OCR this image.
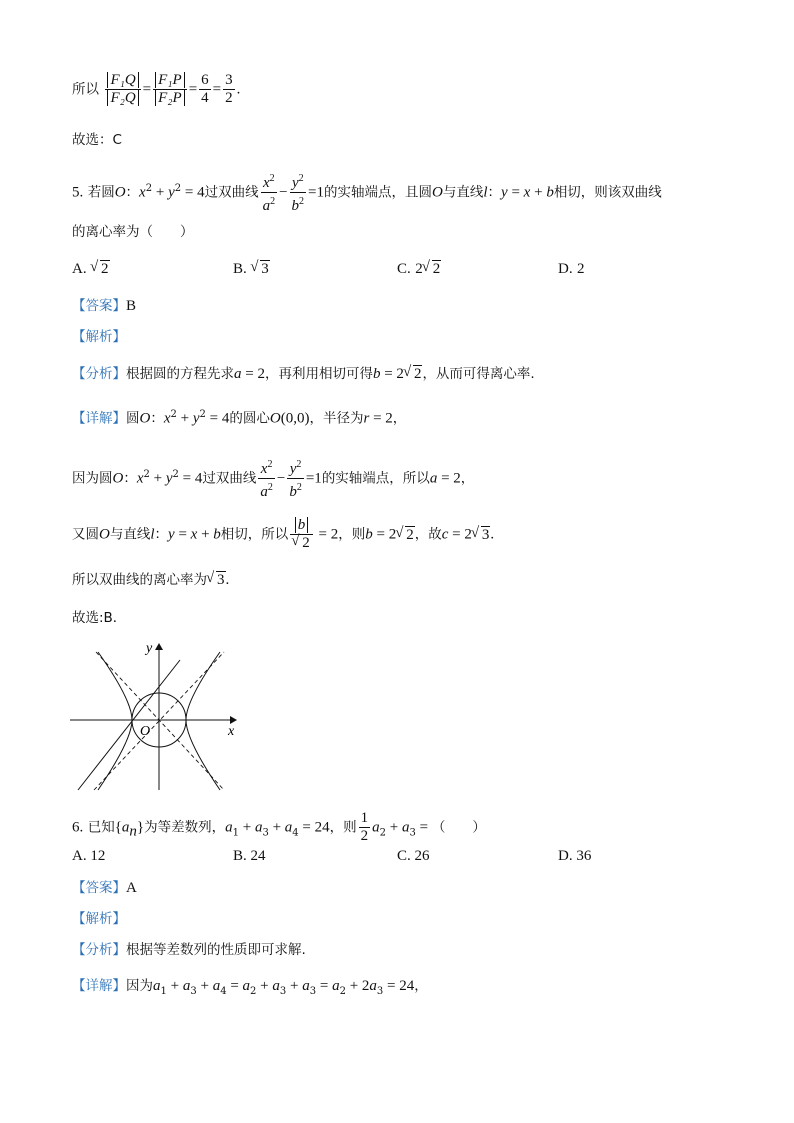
所以 $\frac{\text{F₁Q}}{\text{F₂Q}} = \frac{\text{F₁P}}{\text{F₂P}} = \frac{6}{4} = \frac{3}{2}$ .
故选：C
5. 若圆O：$x^2 + y^2 = 4$过双曲线 $\frac{x^2}{a^2} - \frac{y^2}{b^2} =1$的实轴端点，且圆O与直线l：y = x + b相切，则该双曲线
的离心率为（　　）
A. √ 2	B. √ 3	C. 2 √ 2	D. 2
【答案】B
【解析】
【分析】根据圆的方程先求a = 2，再利用相切可得b = 2 √ 2，从而可得离心率.
【详解】圆O：$x^2 + y^2 = 4$的圆心O(0,0)，半径为r = 2，
因为圆O：$x^2 + y^2 = 4$过双曲线 $\frac{x^2}{a^2} - \frac{y^2}{b^2} =1$的实轴端点，所以a = 2，
又圆O与直线l：y = x + b相切，所以 b
√ 2 = 2，则b = 2 √ 2，故c = 2 √ 3.
所以双曲线的离心率为 √ 3.
故选:B．
y
x
O
6. 已知$\{a_n\}$为等差数列，$a_1 + a_3 + a_4 = 24$，则 $\frac{1}{2} a_2 + a_3$ = （　　）
A. 12	B. 24	C. 26	D. 36
【答案】A
【解析】
【分析】根据等差数列的性质即可求解.
【详解】因为$a_1 + a_3 + a_4 = a_2 + a_3 + a_3 = a_2 + 2a_3 = 24$，
